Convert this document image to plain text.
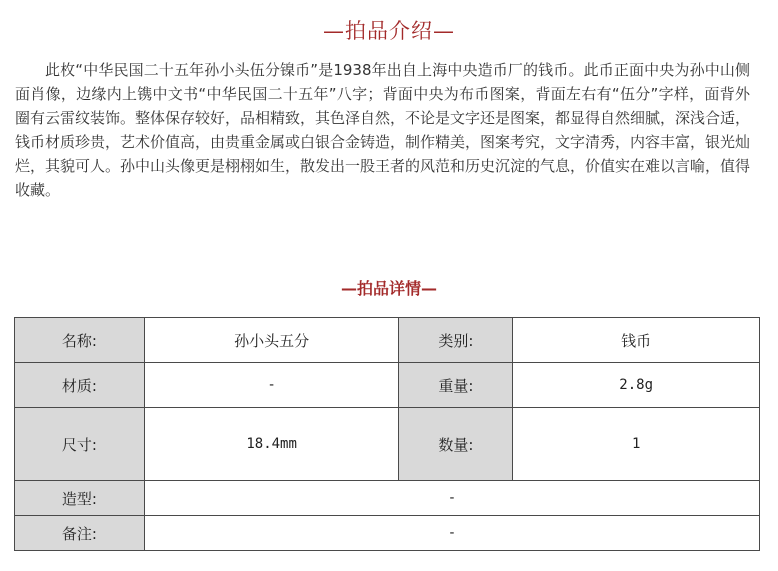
—拍品介绍—

此枚“中华民国二十五年孙小头伍分镍币”是1938年出自上海中央造币厂的钱币。此币正面中央为孙中山侧面肖像，边缘内上镌中文书“中华民国二十五年”八字；背面中央为布币图案，背面左右有“伍分”字样，面背外圈有云雷纹装饰。整体保存较好，品相精致，其色泽自然，不论是文字还是图案，都显得自然细腻，深浅合适，钱币材质珍贵，艺术价值高，由贵重金属或白银合金铸造，制作精美，图案考究，文字清秀，内容丰富，银光灿烂，其貌可人。孙中山头像更是栩栩如生，散发出一股王者的风范和历史沉淀的气息，价值实在难以言喻，值得收藏。

—拍品详情—
名称:	孙小头五分	类别:	钱币
材质:	-	重量:	2.8g
尺寸:	18.4mm	数量:	1
造型:	-		
备注:	-		
